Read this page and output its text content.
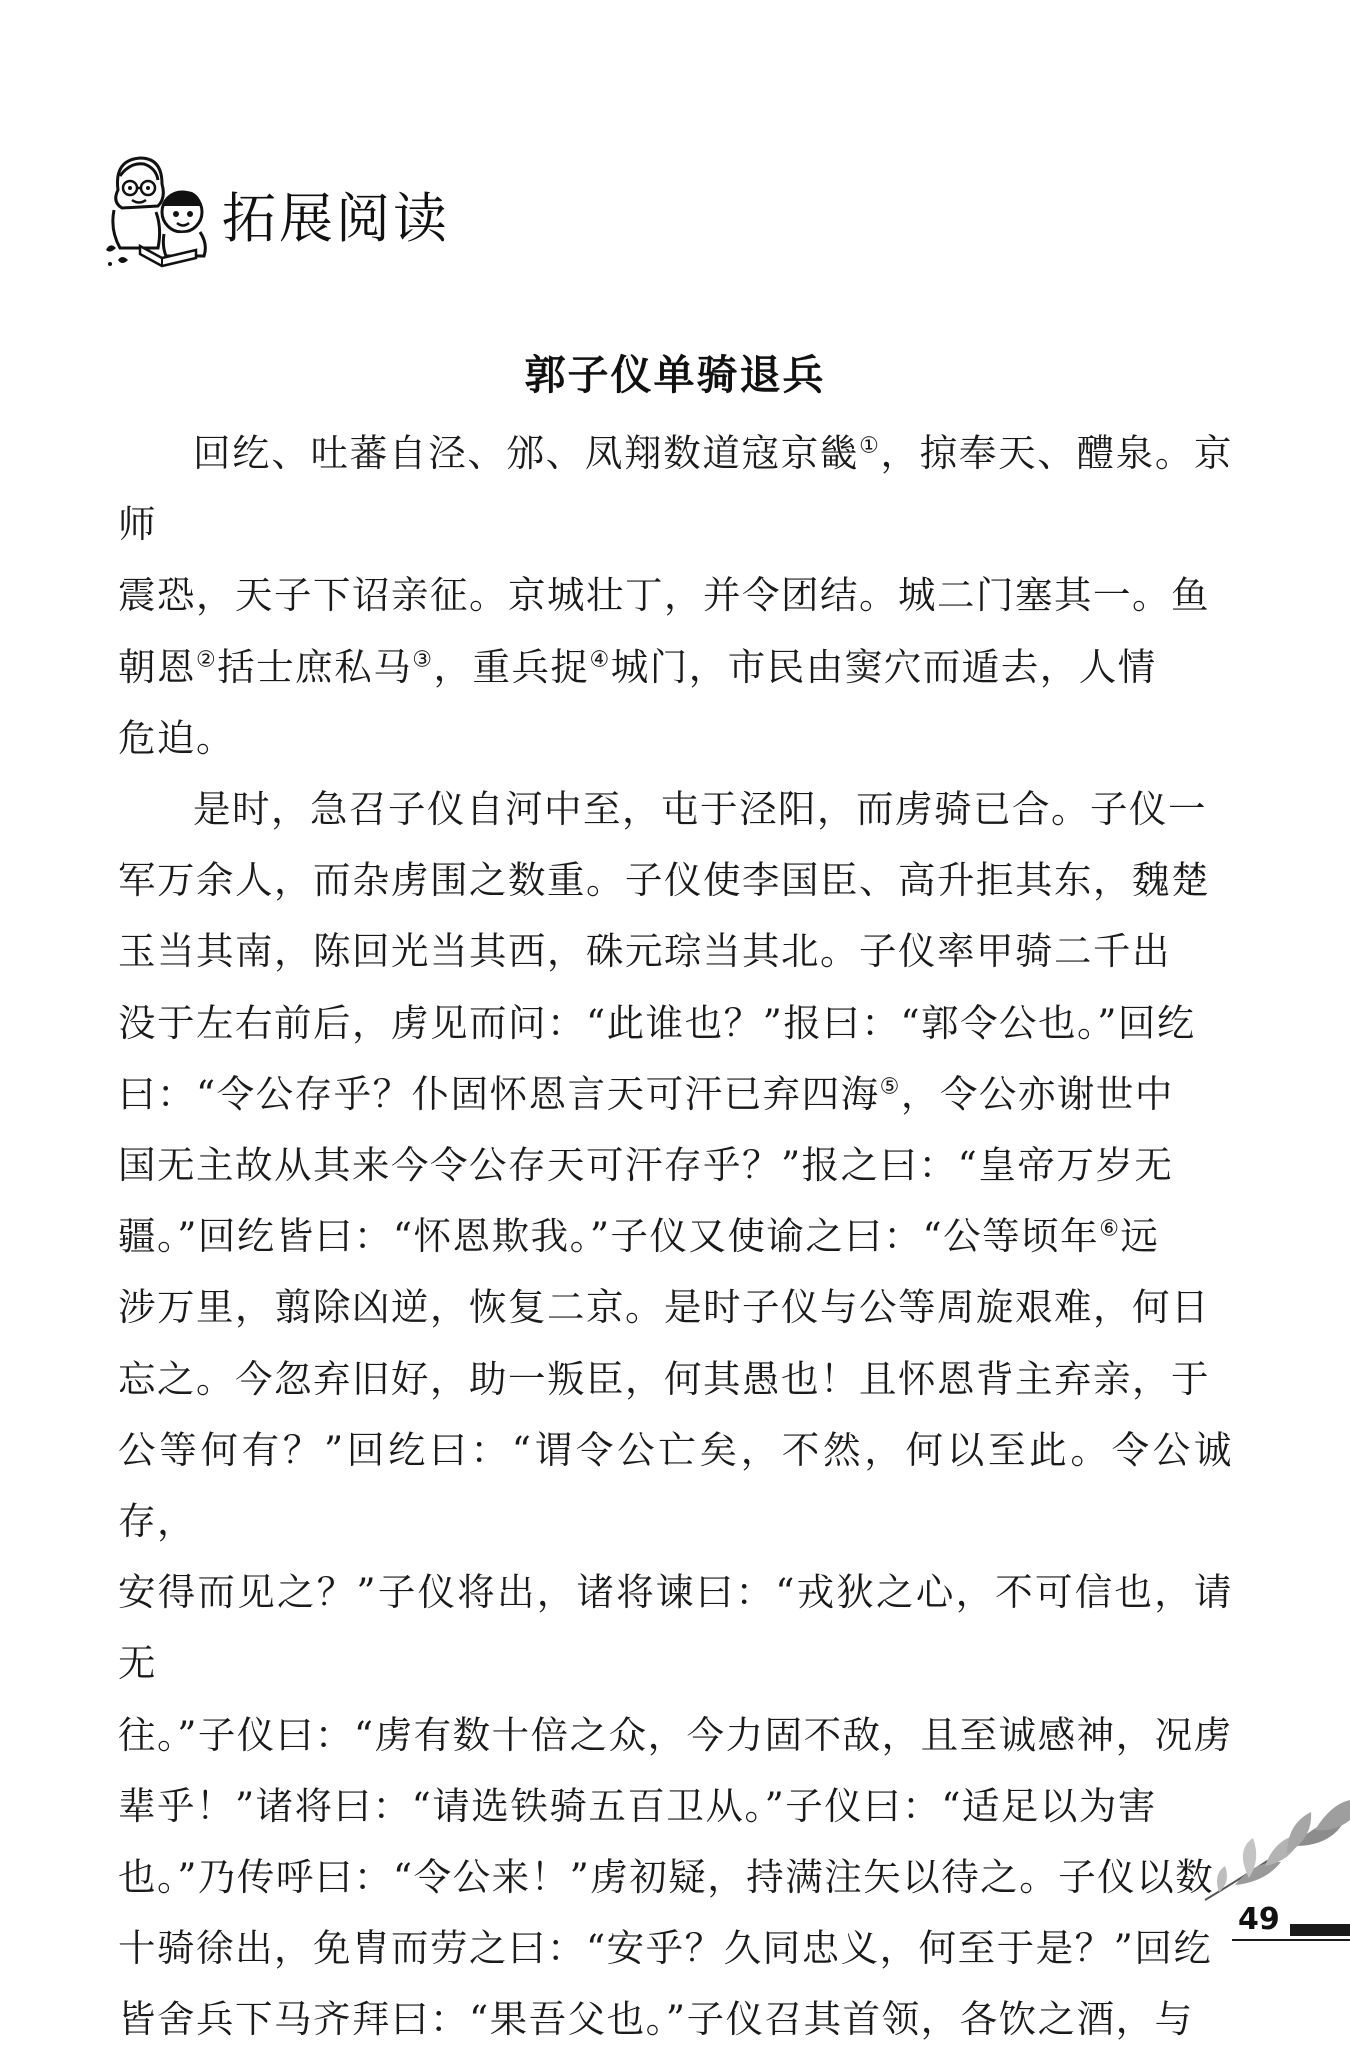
拓展阅读
郭子仪单骑退兵

回纥、吐蕃自泾、邠、凤翔数道寇京畿①，掠奉天、醴泉。京师
震恐，天子下诏亲征。京城壮丁，并令团结。城二门塞其一。鱼
朝恩②括士庶私马③，重兵捉④城门，市民由窦穴而遁去，人情
危迫。

是时，急召子仪自河中至，屯于泾阳，而虏骑已合。子仪一
军万余人，而杂虏围之数重。子仪使李国臣、高升拒其东，魏楚
玉当其南，陈回光当其西，硃元琮当其北。子仪率甲骑二千出
没于左右前后，虏见而问：“此谁也？”报曰：“郭令公也。”回纥
曰：“令公存乎？仆固怀恩言天可汗已弃四海⑤，令公亦谢世中
国无主故从其来今令公存天可汗存乎？”报之曰：“皇帝万岁无
疆。”回纥皆曰：“怀恩欺我。”子仪又使谕之曰：“公等顷年⑥远
涉万里，翦除凶逆，恢复二京。是时子仪与公等周旋艰难，何日
忘之。今忽弃旧好，助一叛臣，何其愚也！且怀恩背主弃亲，于
公等何有？”回纥曰：“谓令公亡矣，不然，何以至此。令公诚存，
安得而见之？”子仪将出，诸将谏曰：“戎狄之心，不可信也，请无
往。”子仪曰：“虏有数十倍之众，今力固不敌，且至诚感神，况虏
辈乎！”诸将曰：“请选铁骑五百卫从。”子仪曰：“适足以为害
也。”乃传呼曰：“令公来！”虏初疑，持满注矢以待之。子仪以数
十骑徐出，免胄而劳之曰：“安乎？久同忠义，何至于是？”回纥
皆舍兵下马齐拜曰：“果吾父也。”子仪召其首领，各饮之酒，与

49
